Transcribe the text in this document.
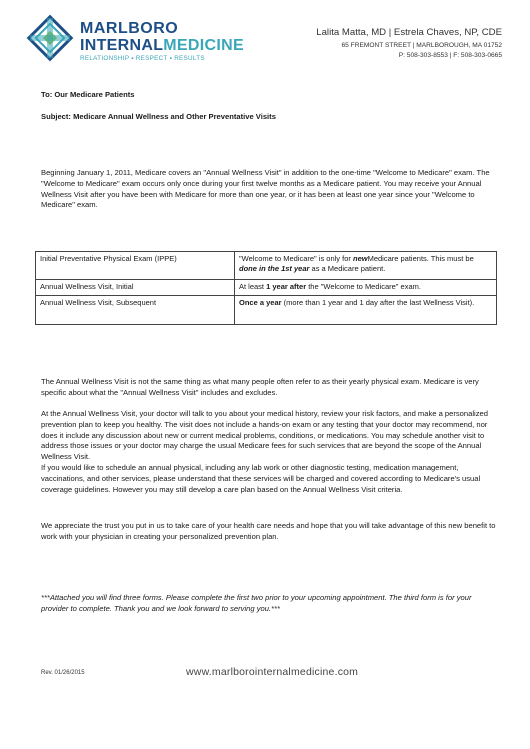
MARLBORO
INTERNALMEDICINE
RELATIONSHIP ▪ RESPECT ▪ RESULTS
Lalita Matta, MD | Estrela Chaves, NP, CDE
65 FREMONT STREET | MARLBOROUGH, MA 01752
P: 508-303-8553 | F: 508-303-0665
To: Our Medicare Patients
Subject: Medicare Annual Wellness and Other Preventative Visits
Beginning January 1, 2011, Medicare covers an "Annual Wellness Visit" in addition to the one-time "Welcome to Medicare" exam. The "Welcome to Medicare" exam occurs only once during your first twelve months as a Medicare patient. You may receive your Annual Wellness Visit after you have been with Medicare for more than one year, or it has been at least one year since your "Welcome to Medicare" exam.
Initial Preventative Physical Exam (IPPE)	"Welcome to Medicare" is only for newMedicare patients. This must be done in the 1st year as a Medicare patient.
Annual Wellness Visit, Initial	At least 1 year after the "Welcome to Medicare" exam.
Annual Wellness Visit, Subsequent	Once a year (more than 1 year and 1 day after the last Wellness Visit).
The Annual Wellness Visit is not the same thing as what many people often refer to as their yearly physical exam. Medicare is very specific about what the "Annual Wellness Visit" includes and excludes.
At the Annual Wellness Visit, your doctor will talk to you about your medical history, review your risk factors, and make a personalized prevention plan to keep you healthy. The visit does not include a hands-on exam or any testing that your doctor may recommend, nor does it include any discussion about new or current medical problems, conditions, or medications. You may schedule another visit to address those issues or your doctor may charge the usual Medicare fees for such services that are beyond the scope of the Annual Wellness Visit.
If you would like to schedule an annual physical, including any lab work or other diagnostic testing, medication management, vaccinations, and other services, please understand that these services will be charged and covered according to Medicare's usual coverage guidelines. However you may still develop a care plan based on the Annual Wellness Visit criteria.
We appreciate the trust you put in us to take care of your health care needs and hope that you will take advantage of this new benefit to work with your physician in creating your personalized prevention plan.
***Attached you will find three forms. Please complete the first two prior to your upcoming appointment. The third form is for your provider to complete. Thank you and we look forward to serving you.***
Rev. 01/26/2015	www.marlborointernalmedicine.com
